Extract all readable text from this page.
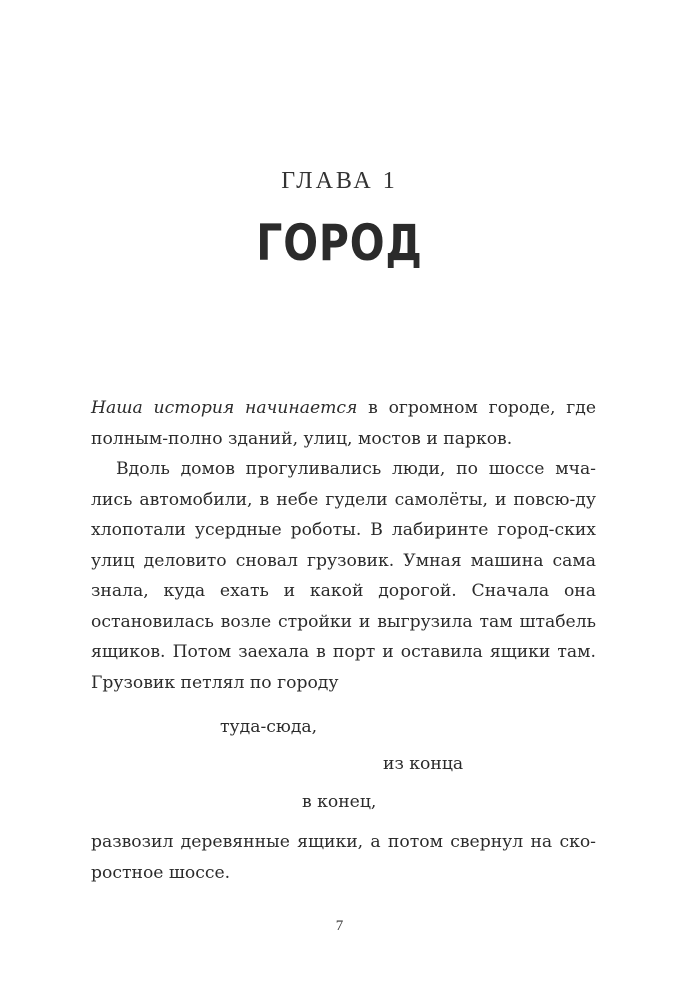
ГЛАВА 1
ГОРОД
Наша история начинается в огромном городе, где полным-полно зданий, улиц, мостов и парков.
Вдоль домов прогуливались люди, по шоссе мча-лись автомобили, в небе гудели самолёты, и повсю-ду хлопотали усердные роботы. В лабиринте город-ских улиц деловито сновал грузовик. Умная машина сама знала, куда ехать и какой дорогой. Сначала она остановилась возле стройки и выгрузила там штабель ящиков. Потом заехала в порт и оставила ящики там. Грузовик петлял по городу
туда-сюда,
из конца
в конец,
развозил деревянные ящики, а потом свернул на ско-ростное шоссе.
7
